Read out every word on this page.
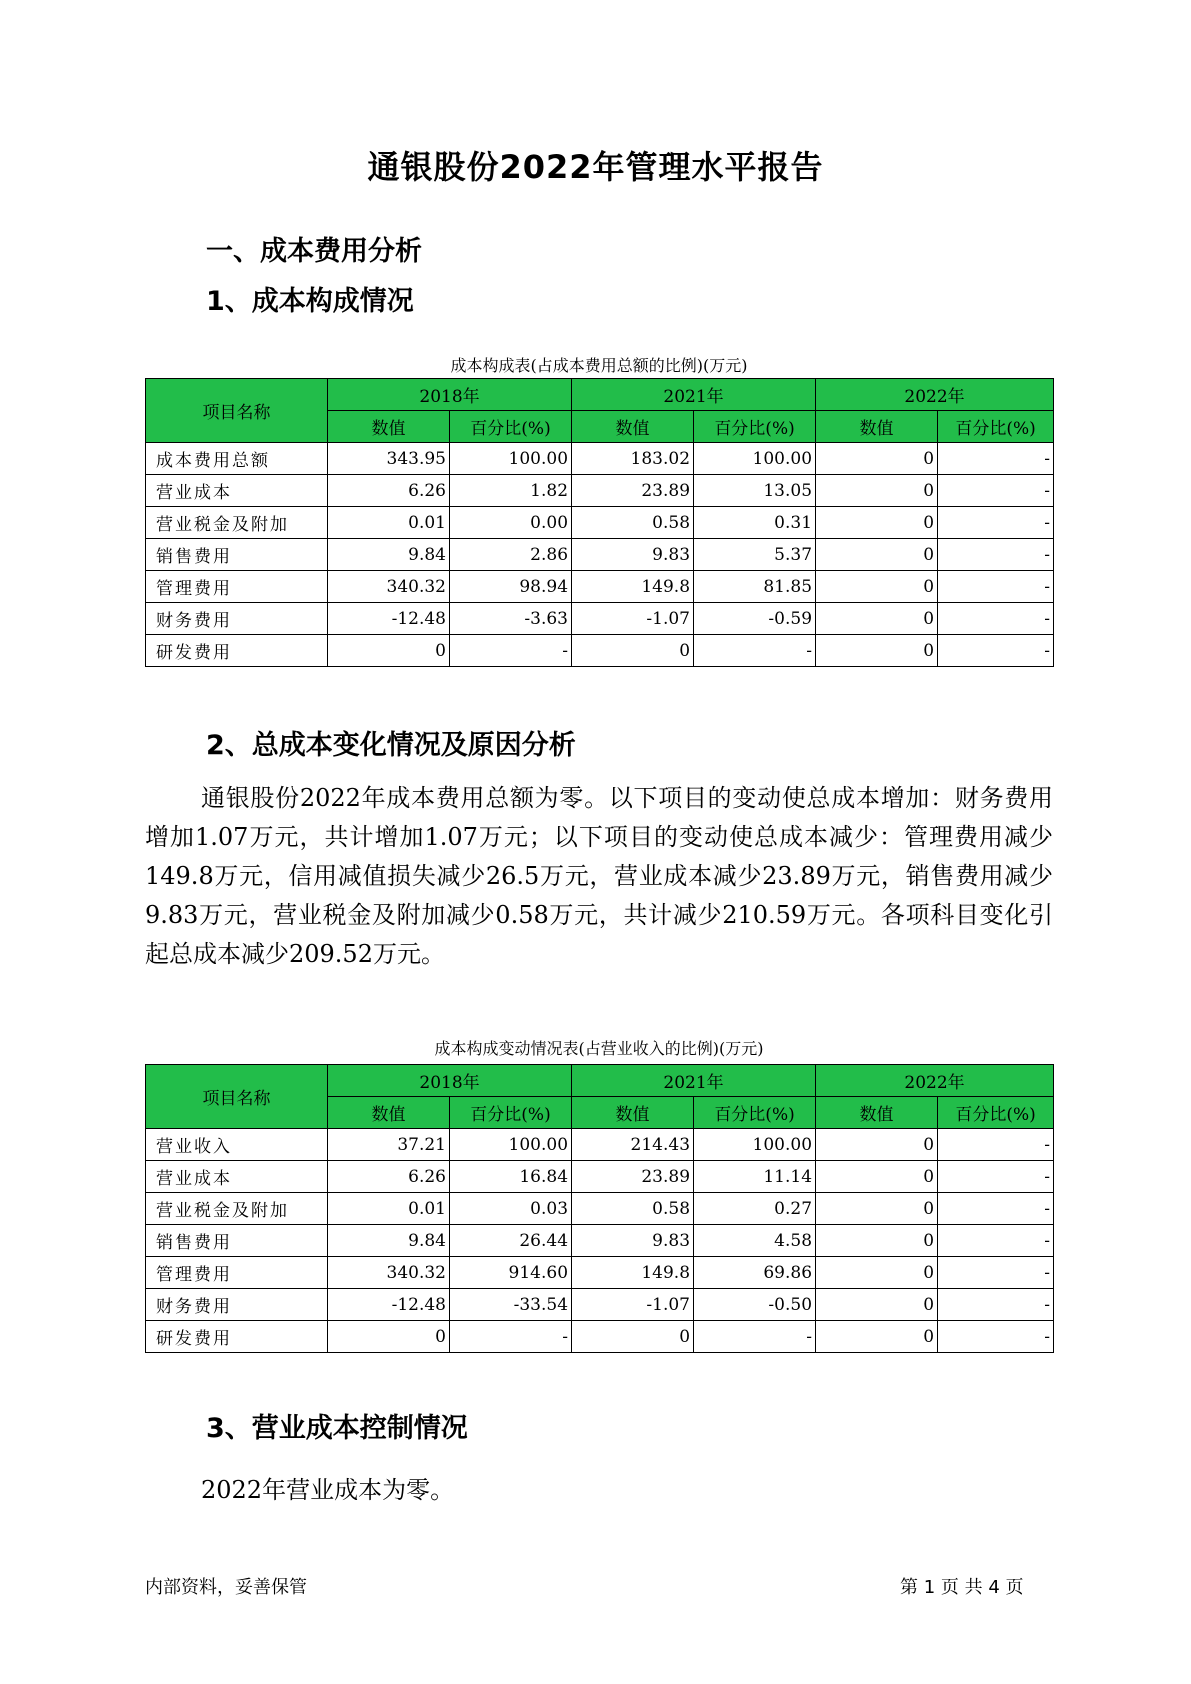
通银股份2022年管理水平报告
一、成本费用分析
1、成本构成情况
成本构成表(占成本费用总额的比例)(万元)
项目名称	2018年		2021年		2022年	
	数值	百分比(%)	数值	百分比(%)	数值	百分比(%)
成本费用总额	343.95	100.00	183.02	100.00	0	-
营业成本	6.26	1.82	23.89	13.05	0	-
营业税金及附加	0.01	0.00	0.58	0.31	0	-
销售费用	9.84	2.86	9.83	5.37	0	-
管理费用	340.32	98.94	149.8	81.85	0	-
财务费用	-12.48	-3.63	-1.07	-0.59	0	-
研发费用	0	-	0	-	0	-
2、总成本变化情况及原因分析
通银股份2022年成本费用总额为零。以下项目的变动使总成本增加：财务费用增加1.07万元，共计增加1.07万元；以下项目的变动使总成本减少：管理费用减少149.8万元，信用减值损失减少26.5万元，营业成本减少23.89万元，销售费用减少9.83万元，营业税金及附加减少0.58万元，共计减少210.59万元。各项科目变化引起总成本减少209.52万元。
成本构成变动情况表(占营业收入的比例)(万元)
项目名称	2018年		2021年		2022年	
	数值	百分比(%)	数值	百分比(%)	数值	百分比(%)
营业收入	37.21	100.00	214.43	100.00	0	-
营业成本	6.26	16.84	23.89	11.14	0	-
营业税金及附加	0.01	0.03	0.58	0.27	0	-
销售费用	9.84	26.44	9.83	4.58	0	-
管理费用	340.32	914.60	149.8	69.86	0	-
财务费用	-12.48	-33.54	-1.07	-0.50	0	-
研发费用	0	-	0	-	0	-
3、营业成本控制情况
2022年营业成本为零。
内部资料，妥善保管	第 1 页 共 4 页
